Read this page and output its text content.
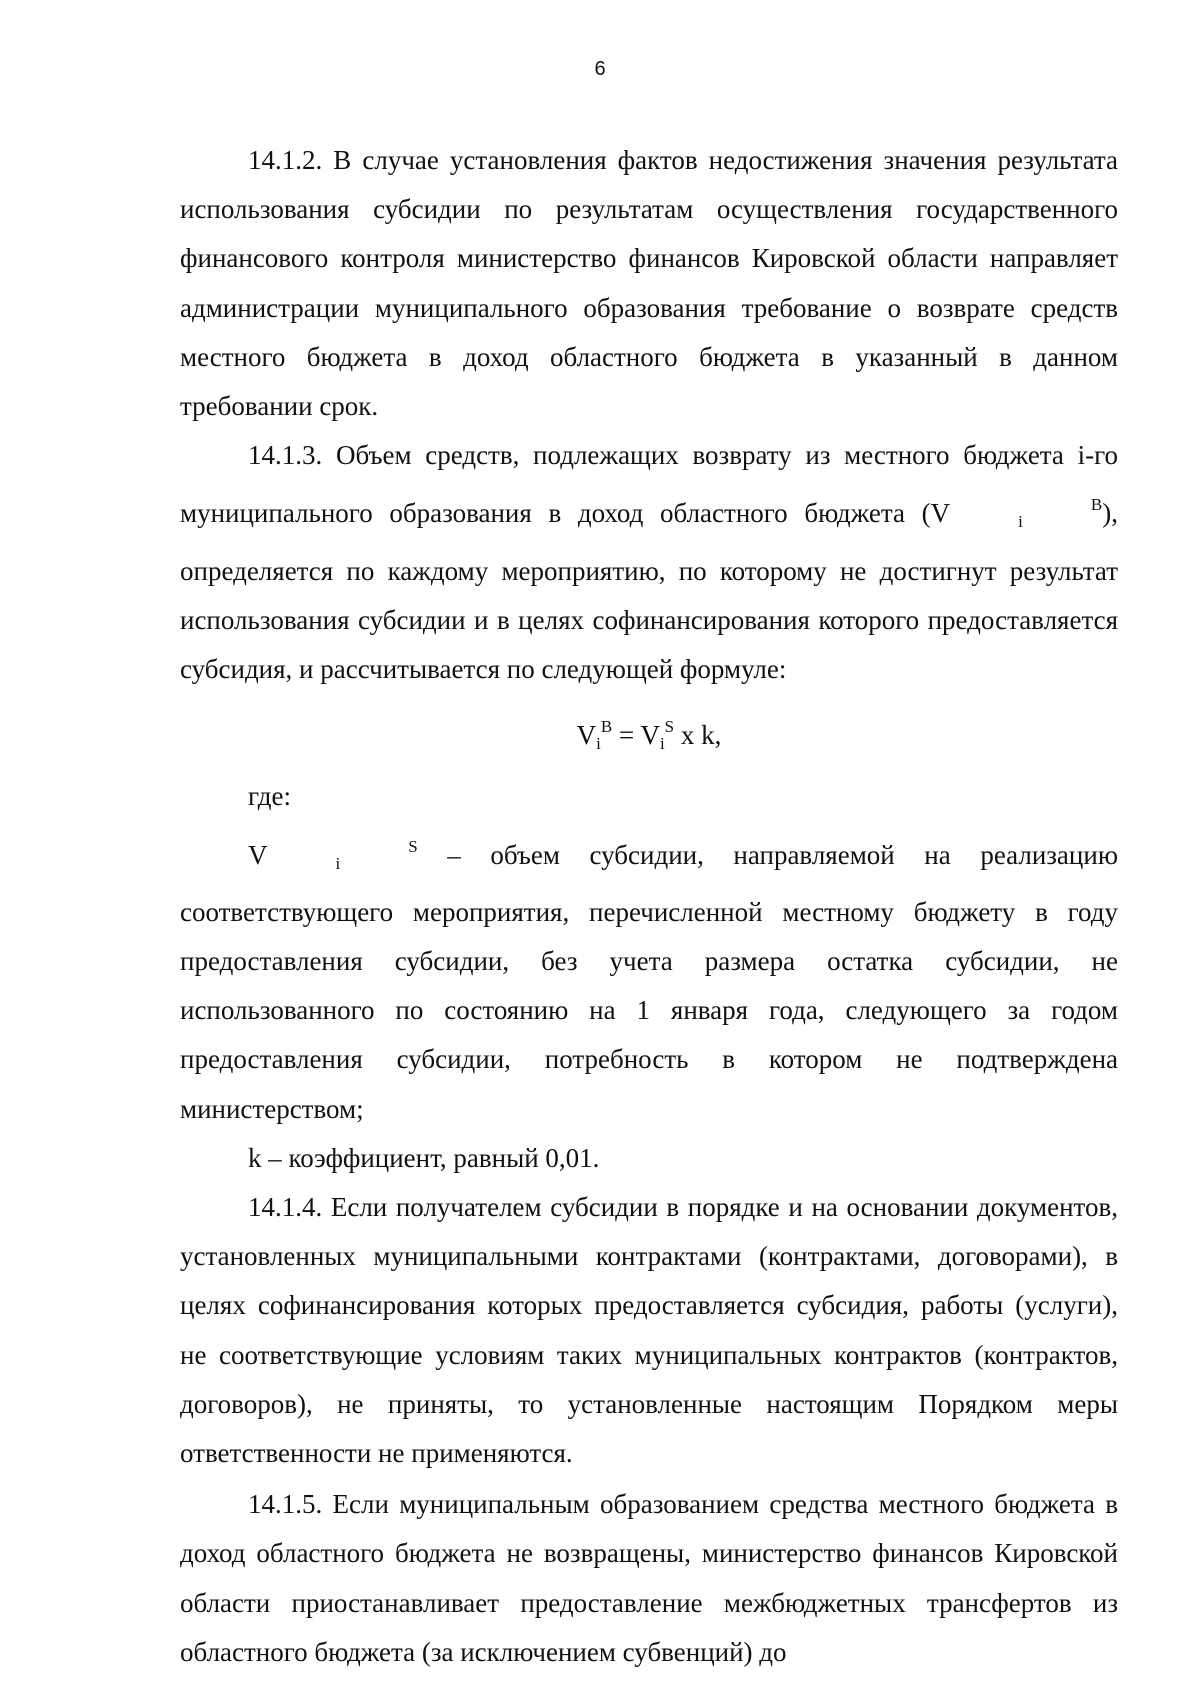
6

14.1.2. В случае установления фактов недостижения значения результата использования субсидии по результатам осуществления государственного финансового контроля министерство финансов Кировской области направляет администрации муниципального образования требование о возврате средств местного бюджета в доход областного бюджета в указанный в данном требовании срок.

14.1.3. Объем средств, подлежащих возврату из местного бюджета i-го муниципального образования в доход областного бюджета (V	iB), определяется по каждому мероприятию, по которому не достигнут результат использования субсидии и в целях софинансирования которого предоставляется субсидия, и рассчитывается по следующей формуле:

ViB = ViS x k,

где:

V	iS – объем субсидии, направляемой на реализацию соответствующего мероприятия, перечисленной местному бюджету в году предоставления субсидии, без учета размера остатка субсидии, не использованного по состоянию на 1 января года, следующего за годом предоставления субсидии, потребность в котором не подтверждена министерством;

k – коэффициент, равный 0,01.

14.1.4. Если получателем субсидии в порядке и на основании документов, установленных муниципальными контрактами (контрактами, договорами), в целях софинансирования которых предоставляется субсидия, работы (услуги), не соответствующие условиям таких муниципальных контрактов (контрактов, договоров), не приняты, то установленные настоящим Порядком меры ответственности не применяются.

14.1.5. Если муниципальным образованием средства местного бюджета в доход областного бюджета не возвращены, министерство финансов Кировской области приостанавливает предоставление межбюджетных трансфертов из областного бюджета (за исключением субвенций) до
